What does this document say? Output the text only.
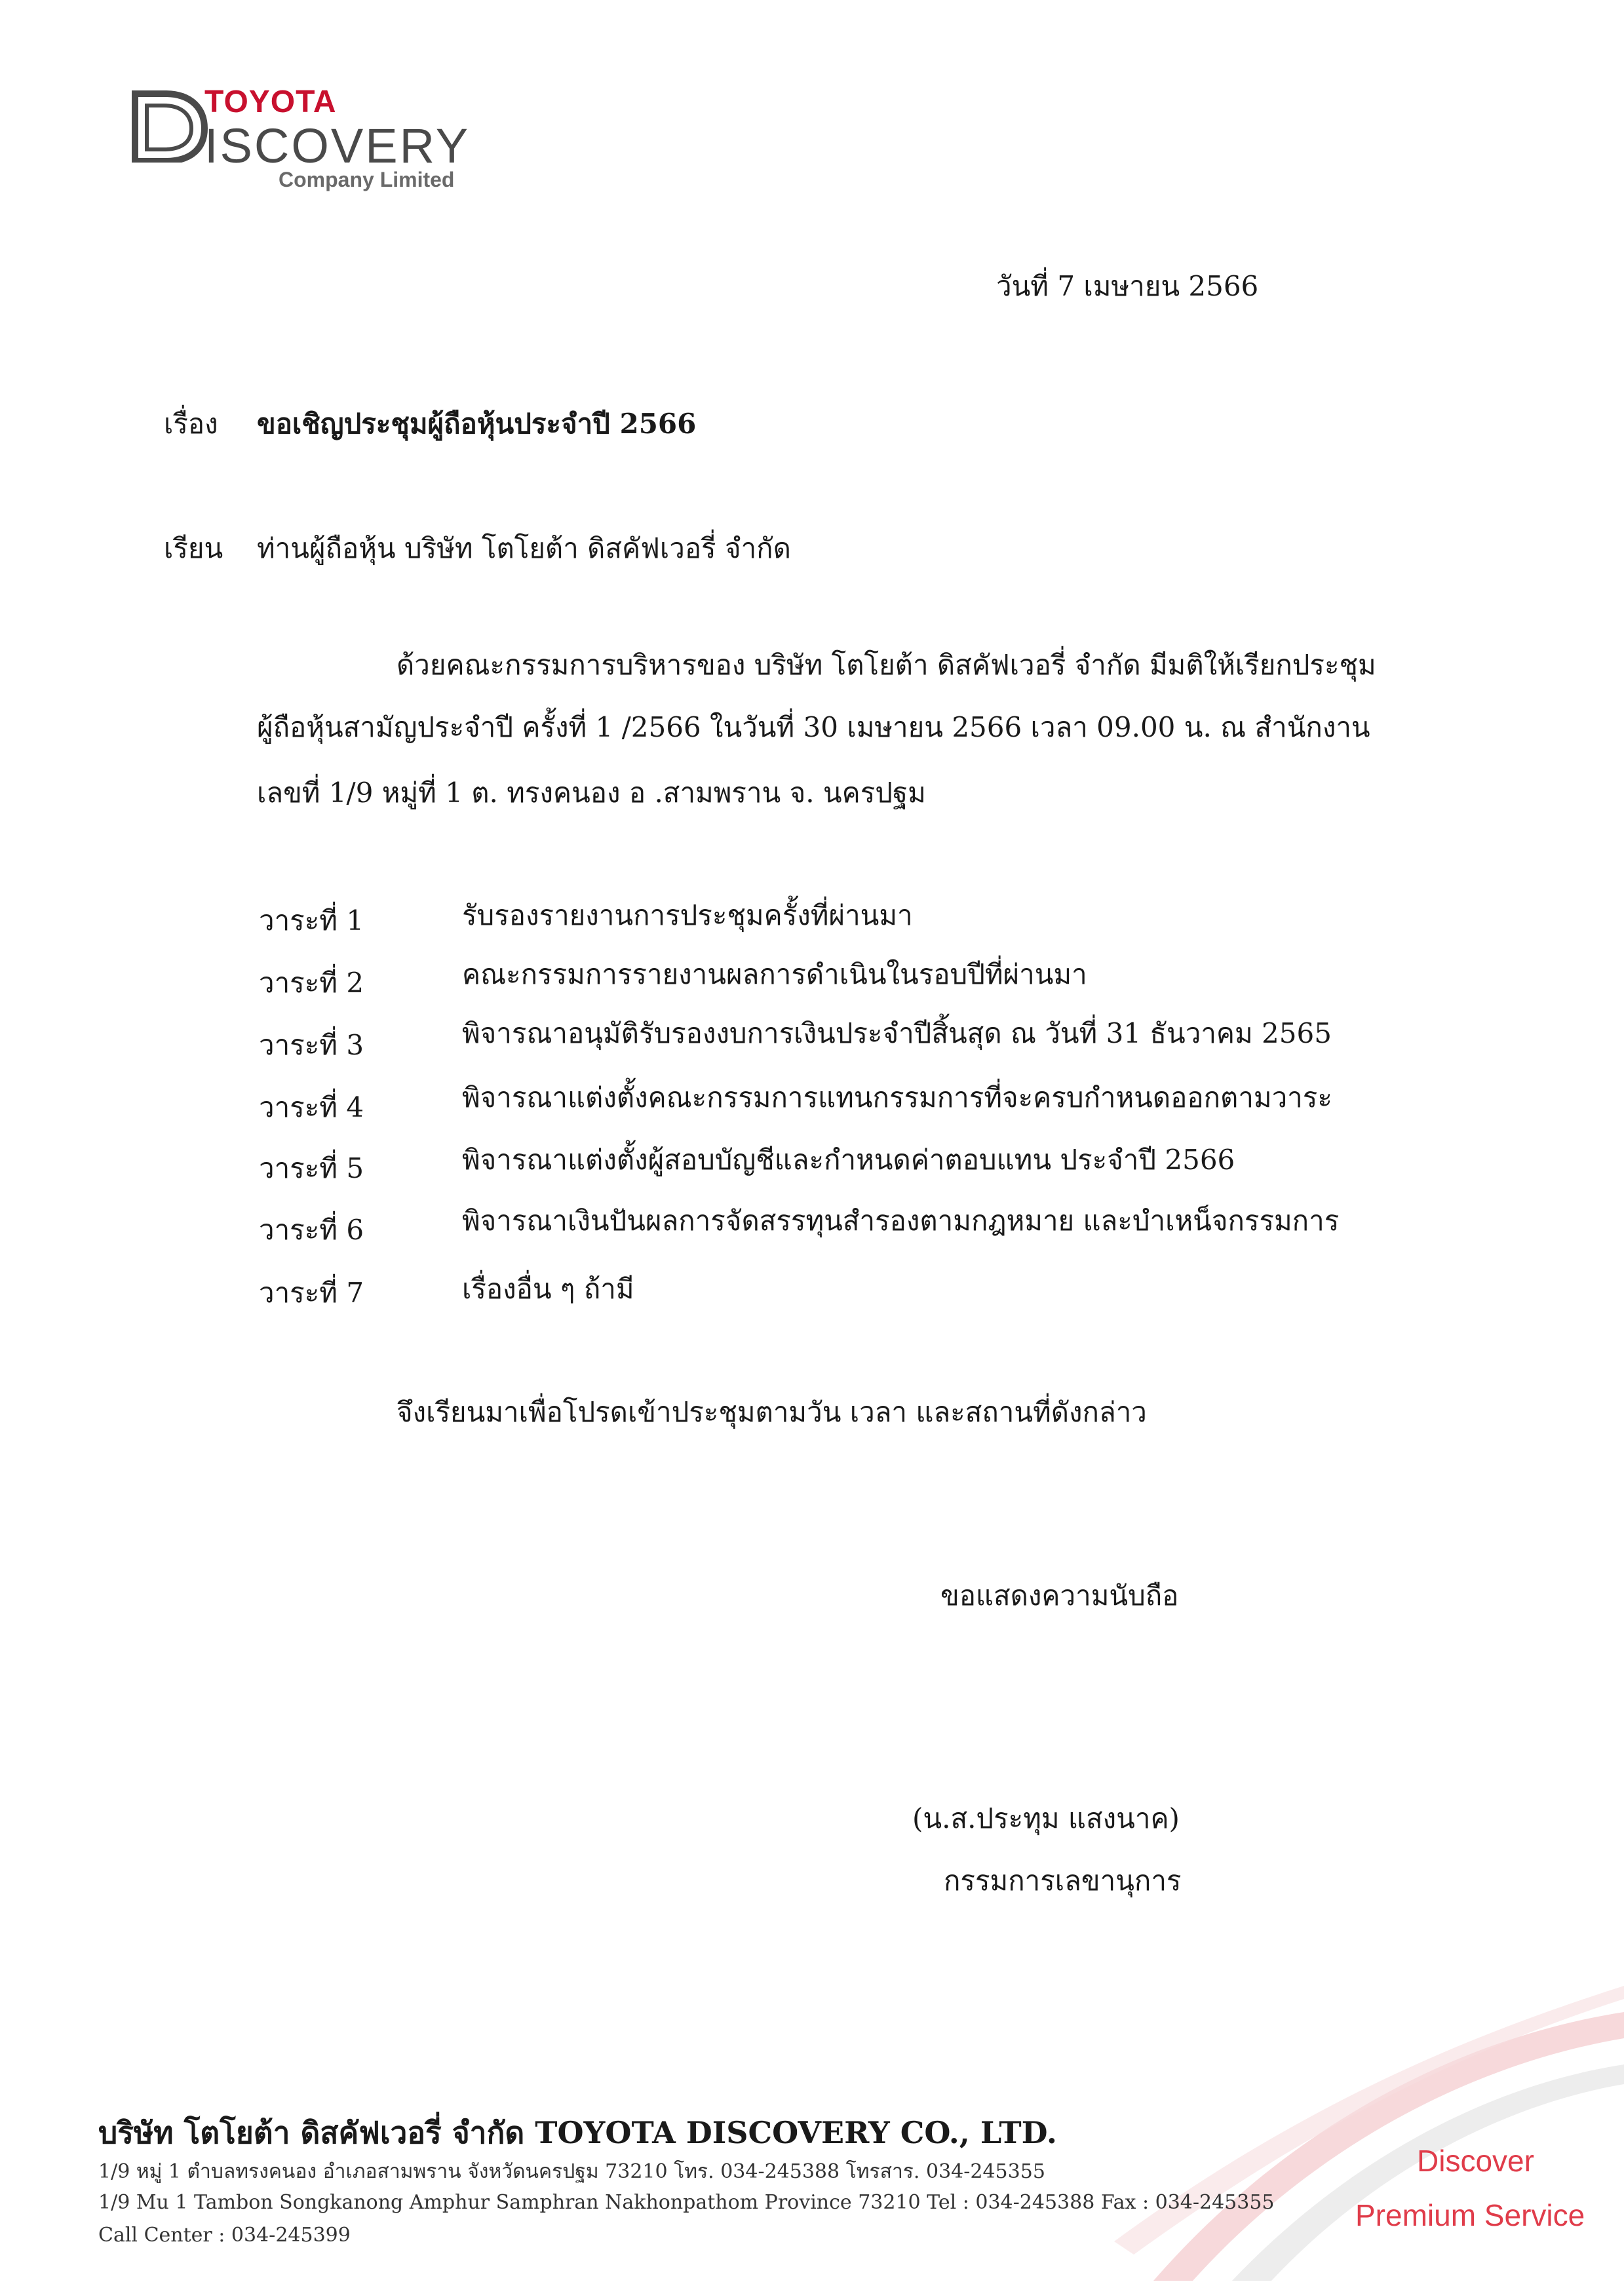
TOYOTA
ISCOVERY
Company Limited
วันที่ 7 เมษายน 2566
เรื่อง ขอเชิญประชุมผู้ถือหุ้นประจำปี 2566
เรียน ท่านผู้ถือหุ้น บริษัท โตโยต้า ดิสคัฟเวอรี่ จำกัด
ด้วยคณะกรรมการบริหารของ บริษัท โตโยต้า ดิสคัฟเวอรี่ จำกัด มีมติให้เรียกประชุม
ผู้ถือหุ้นสามัญประจำปี ครั้งที่ 1 /2566 ในวันที่ 30 เมษายน 2566 เวลา 09.00 น. ณ สำนักงาน
เลขที่ 1/9 หมู่ที่ 1 ต. ทรงคนอง อ .สามพราน จ. นครปฐม
วาระที่ 1	รับรองรายงานการประชุมครั้งที่ผ่านมา
วาระที่ 2	คณะกรรมการรายงานผลการดำเนินในรอบปีที่ผ่านมา
วาระที่ 3	พิจารณาอนุมัติรับรองงบการเงินประจำปีสิ้นสุด ณ วันที่ 31 ธันวาคม 2565
วาระที่ 4	พิจารณาแต่งตั้งคณะกรรมการแทนกรรมการที่จะครบกำหนดออกตามวาระ
วาระที่ 5	พิจารณาแต่งตั้งผู้สอบบัญชีและกำหนดค่าตอบแทน ประจำปี 2566
วาระที่ 6	พิจารณาเงินปันผลการจัดสรรทุนสำรองตามกฎหมาย และบำเหน็จกรรมการ
วาระที่ 7	เรื่องอื่น ๆ ถ้ามี
จึงเรียนมาเพื่อโปรดเข้าประชุมตามวัน เวลา และสถานที่ดังกล่าว
ขอแสดงความนับถือ
(น.ส.ประทุม แสงนาค)
กรรมการเลขานุการ
บริษัท โตโยต้า ดิสคัฟเวอรี่ จำกัด TOYOTA DISCOVERY CO., LTD.
1/9 หมู่ 1 ตำบลทรงคนอง อำเภอสามพราน จังหวัดนครปฐม 73210 โทร. 034-245388 โทรสาร. 034-245355
1/9 Mu 1 Tambon Songkanong Amphur Samphran Nakhonpathom Province 73210 Tel : 034-245388 Fax : 034-245355
Call Center : 034-245399
Discover
Premium Service
